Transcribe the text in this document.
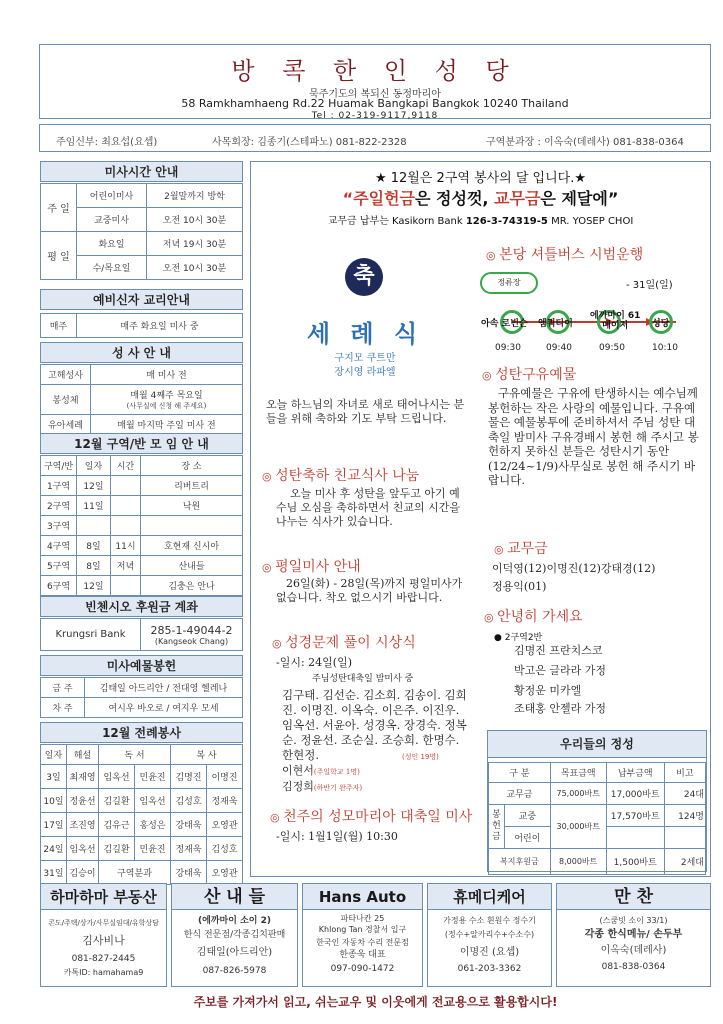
방 콕 한 인 성 당
묵주기도의 복되신 동정마리아
58 Ramkhamhaeng Rd.22 Huamak Bangkapi Bangkok 10240 Thailand
Tel : 02-319-9117,9118
주임신부: 최요섭(요셉)	사목회장: 김종기(스테파노) 081-822-2328	구역분과장 : 이옥숙(데레사) 081-838-0364
미사시간 안내
주 일	어린이미사	2월말까지 방학
	교중미사	오전 10시 30분
평 일	화요일	저녁 19시 30분
	수/목요일	오전 10시 30분
예비신자 교리안내
매주	매주 화요일 미사 중
성 사 안 내
고해성사	매 미사 전
봉성체	매월 4째주 목요일
(사무실에 신청 해 주세요)

유아세례	매월 마지막 주일 미사 전
12월 구역/반 모 임 안 내
구역/반	일자	시간	장 소
1구역	12일		리버트리
2구역	11일		낙원
3구역			
4구역	8일	11시	호현재 신시아
5구역	8일	저녁	산내들
6구역	12일		김충은 안나
빈첸시오 후원금 계좌
Krungsri Bank	285-1-49044-2
(Kangseok Chang)
미사예물봉헌
금 주	김태일 아드리안 / 전대영 헬레나
차 주	여시우 바오로 / 여지우 모세
12월 전례봉사
일자	해설	독 서		복 사	
3일	최재영	임옥선	민윤진	김명진	이명진
10일	정윤선	김길환	임옥선	김성호	정재욱
17일	조진영	김유근	홍성은	강태욱	오영관
24일	임옥선	김길환	민윤진	정재욱	김성호
31일	김승이	구역분과		강태욱	오영관
★ 12월은 2구역 봉사의 달 입니다.★
“주일헌금은 정성껏, 교무금은 제달에”
교무금 납부는 Kasikorn Bank 126-3-74319-5 MR. YOSEP CHOI
축
세 례 식
구지모 쿠트만
장시영 라파엘
오늘 하느님의 자녀로 새로 태어나시는 분들을 위해 축하와 기도 부탁 드립니다.
◎ 성탄축하 친교식사 나눔
오늘 미사 후 성탄을 앞두고 아기 예수님 오심을 축하하면서 친교의 시간을 나누는 식사가 있습니다.
◎ 평일미사 안내
26일(화) - 28일(목)까지 평일미사가 없습니다. 착오 없으시기 바랍니다.
◎ 성경문제 풀이 시상식
-일시: 24일(일)
주님성탄대축일 밤미사 중
김구태. 김선순. 김소희. 김송이. 김희진. 이명진. 이옥숙. 이은주. 이진우. 임옥선. 서윤아. 성경옥. 장경숙. 정복순. 정윤선. 조순실. 조승희. 한명수. 한현정.	(성인 19명)
이현서(주일학교 1명)
김정희(하반기 완주자)
◎ 천주의 성모마리아 대축일 미사
-일시: 1월1일(월) 10:30
◎ 본당 셔틀버스 시범운행
정류장	- 31일(일)
아속 로빈슨 엠쿼티어
에까마이 61
메이저	성당
09:30	09:40	09:50	10:10
◎ 성탄구유예물
구유예물은 구유에 탄생하시는 예수님께 봉헌하는 작은 사랑의 예물입니다. 구유예물은 예물봉투에 준비하셔서 주님 성탄 대축일 밤미사 구유경배시 봉헌 해 주시고 봉헌하지 못하신 분들은 성탄시기 동안 (12/24~1/9)사무실로 봉헌 해 주시기 바랍니다.
◎ 교무금
이덕영(12)이명진(12)강태경(12)
정용익(01)
◎ 안녕히 가세요
● 2구역2반
김명진 프란치스코
박고은 글라라 가정
황정운 미카엘
조태홍 안젤라 가정
우리들의 정성
구 분		목표금액	납부금액	비고
교무금		75,000바트	17,000바트	24대
봉
헌
금	교중	30,000바트	17,570바트	124명
	어린이			
복지후원금		8,000바트	1,500바트	2세대
하마하마 부동산
콘도/주택/상가/사무실임대/유학상담
김사비나
081-827-2445
카톡ID: hamahama9
산 내 들
(에까마이 소이 2)
한식 전문점/각종김치판매
김태일(아드리안)
087-826-5978
Hans Auto
파타나칸 25
Khlong Tan 경찰서 입구
한국인 자동차 수리 전문점
한종욱 대표
097-090-1472
휴메디케어
가정용 수소 흰원수 정수기
(정수+알카리수+수소수)
이명진 (요셉)
061-203-3362
만 찬
(스쿰빗 소이 33/1)
각종 한식메뉴/ 손두부
이옥숙(데레사)
081-838-0364
주보를 가져가서 읽고, 쉬는교우 및 이웃에게 전교용으로 활용합시다!
